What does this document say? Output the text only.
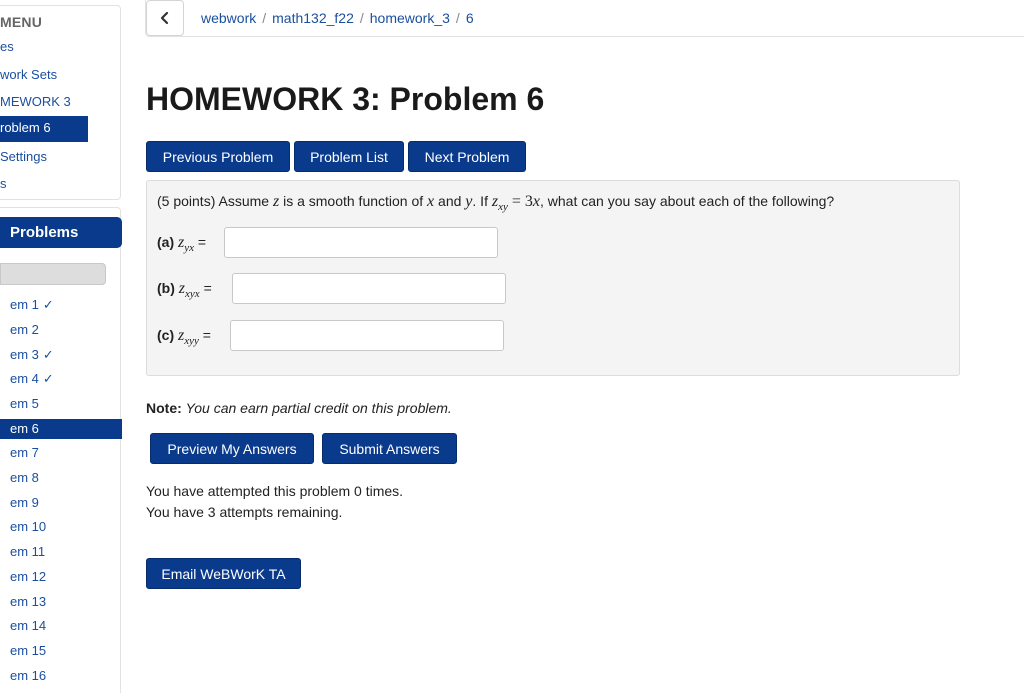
MENU
es
work Sets
MEWORK 3
roblem 6
Settings
s
Problems
em 1 ✓
em 2
em 3 ✓
em 4 ✓
em 5
em 6
em 7
em 8
em 9
em 10
em 11
em 12
em 13
em 14
em 15
em 16
webwork / math132_f22 / homework_3 / 6
HOMEWORK 3: Problem 6
Previous Problem	Problem List	Next Problem
(5 points) Assume z is a smooth function of x and y. If $z_{xy} = 3x$, what can you say about each of the following?
(a) $z_{yx}$ =
(b) $z_{xyx}$ =
(c) $z_{xyy}$ =
Note: You can earn partial credit on this problem.
Preview My Answers	Submit Answers
You have attempted this problem 0 times.
You have 3 attempts remaining.
Email WeBWorK TA
